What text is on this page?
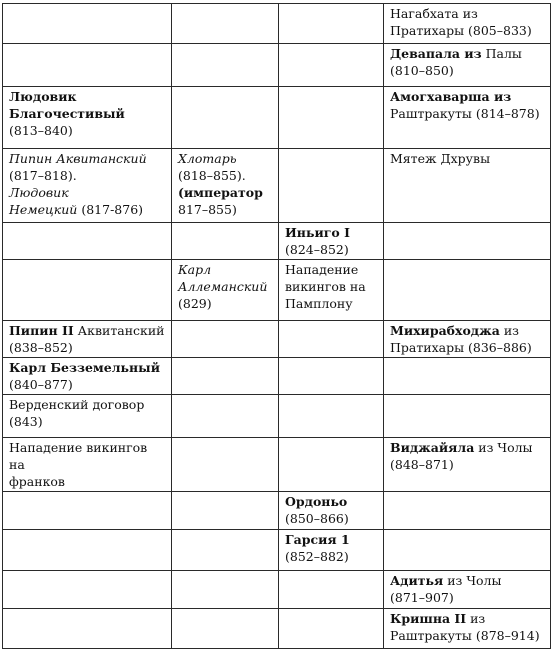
			Нагабхата из
Пратихары (805–833)

			Девапала из Палы
(810–850)

Людовик
Благочестивый
(813–840)			Амогхаварша из
Раштракуты (814–878)

Пипин Аквитанский
(817–818).
Людовик
Немецкий (817-876)	Хлотарь
(818–855).
(император
817–855)		Мятеж Дхрувы

		Иньиго I
(824–852)	

	Карл
Аллеманский
(829)	Нападение
викингов на
Памплону	

Пипин II Аквитанский
(838–852)			Михирабходжа из
Пратихары (836–886)

Карл Безземельный
(840–877)			

Верденский договор
(843)			

Нападение викингов на
франков			Виджайяла из Чолы
(848–871)

		Ордоньо
(850–866)	

		Гарсия 1
(852–882)	

			Адитья из Чолы
(871–907)

			Кришна II из
Раштракуты (878–914)
